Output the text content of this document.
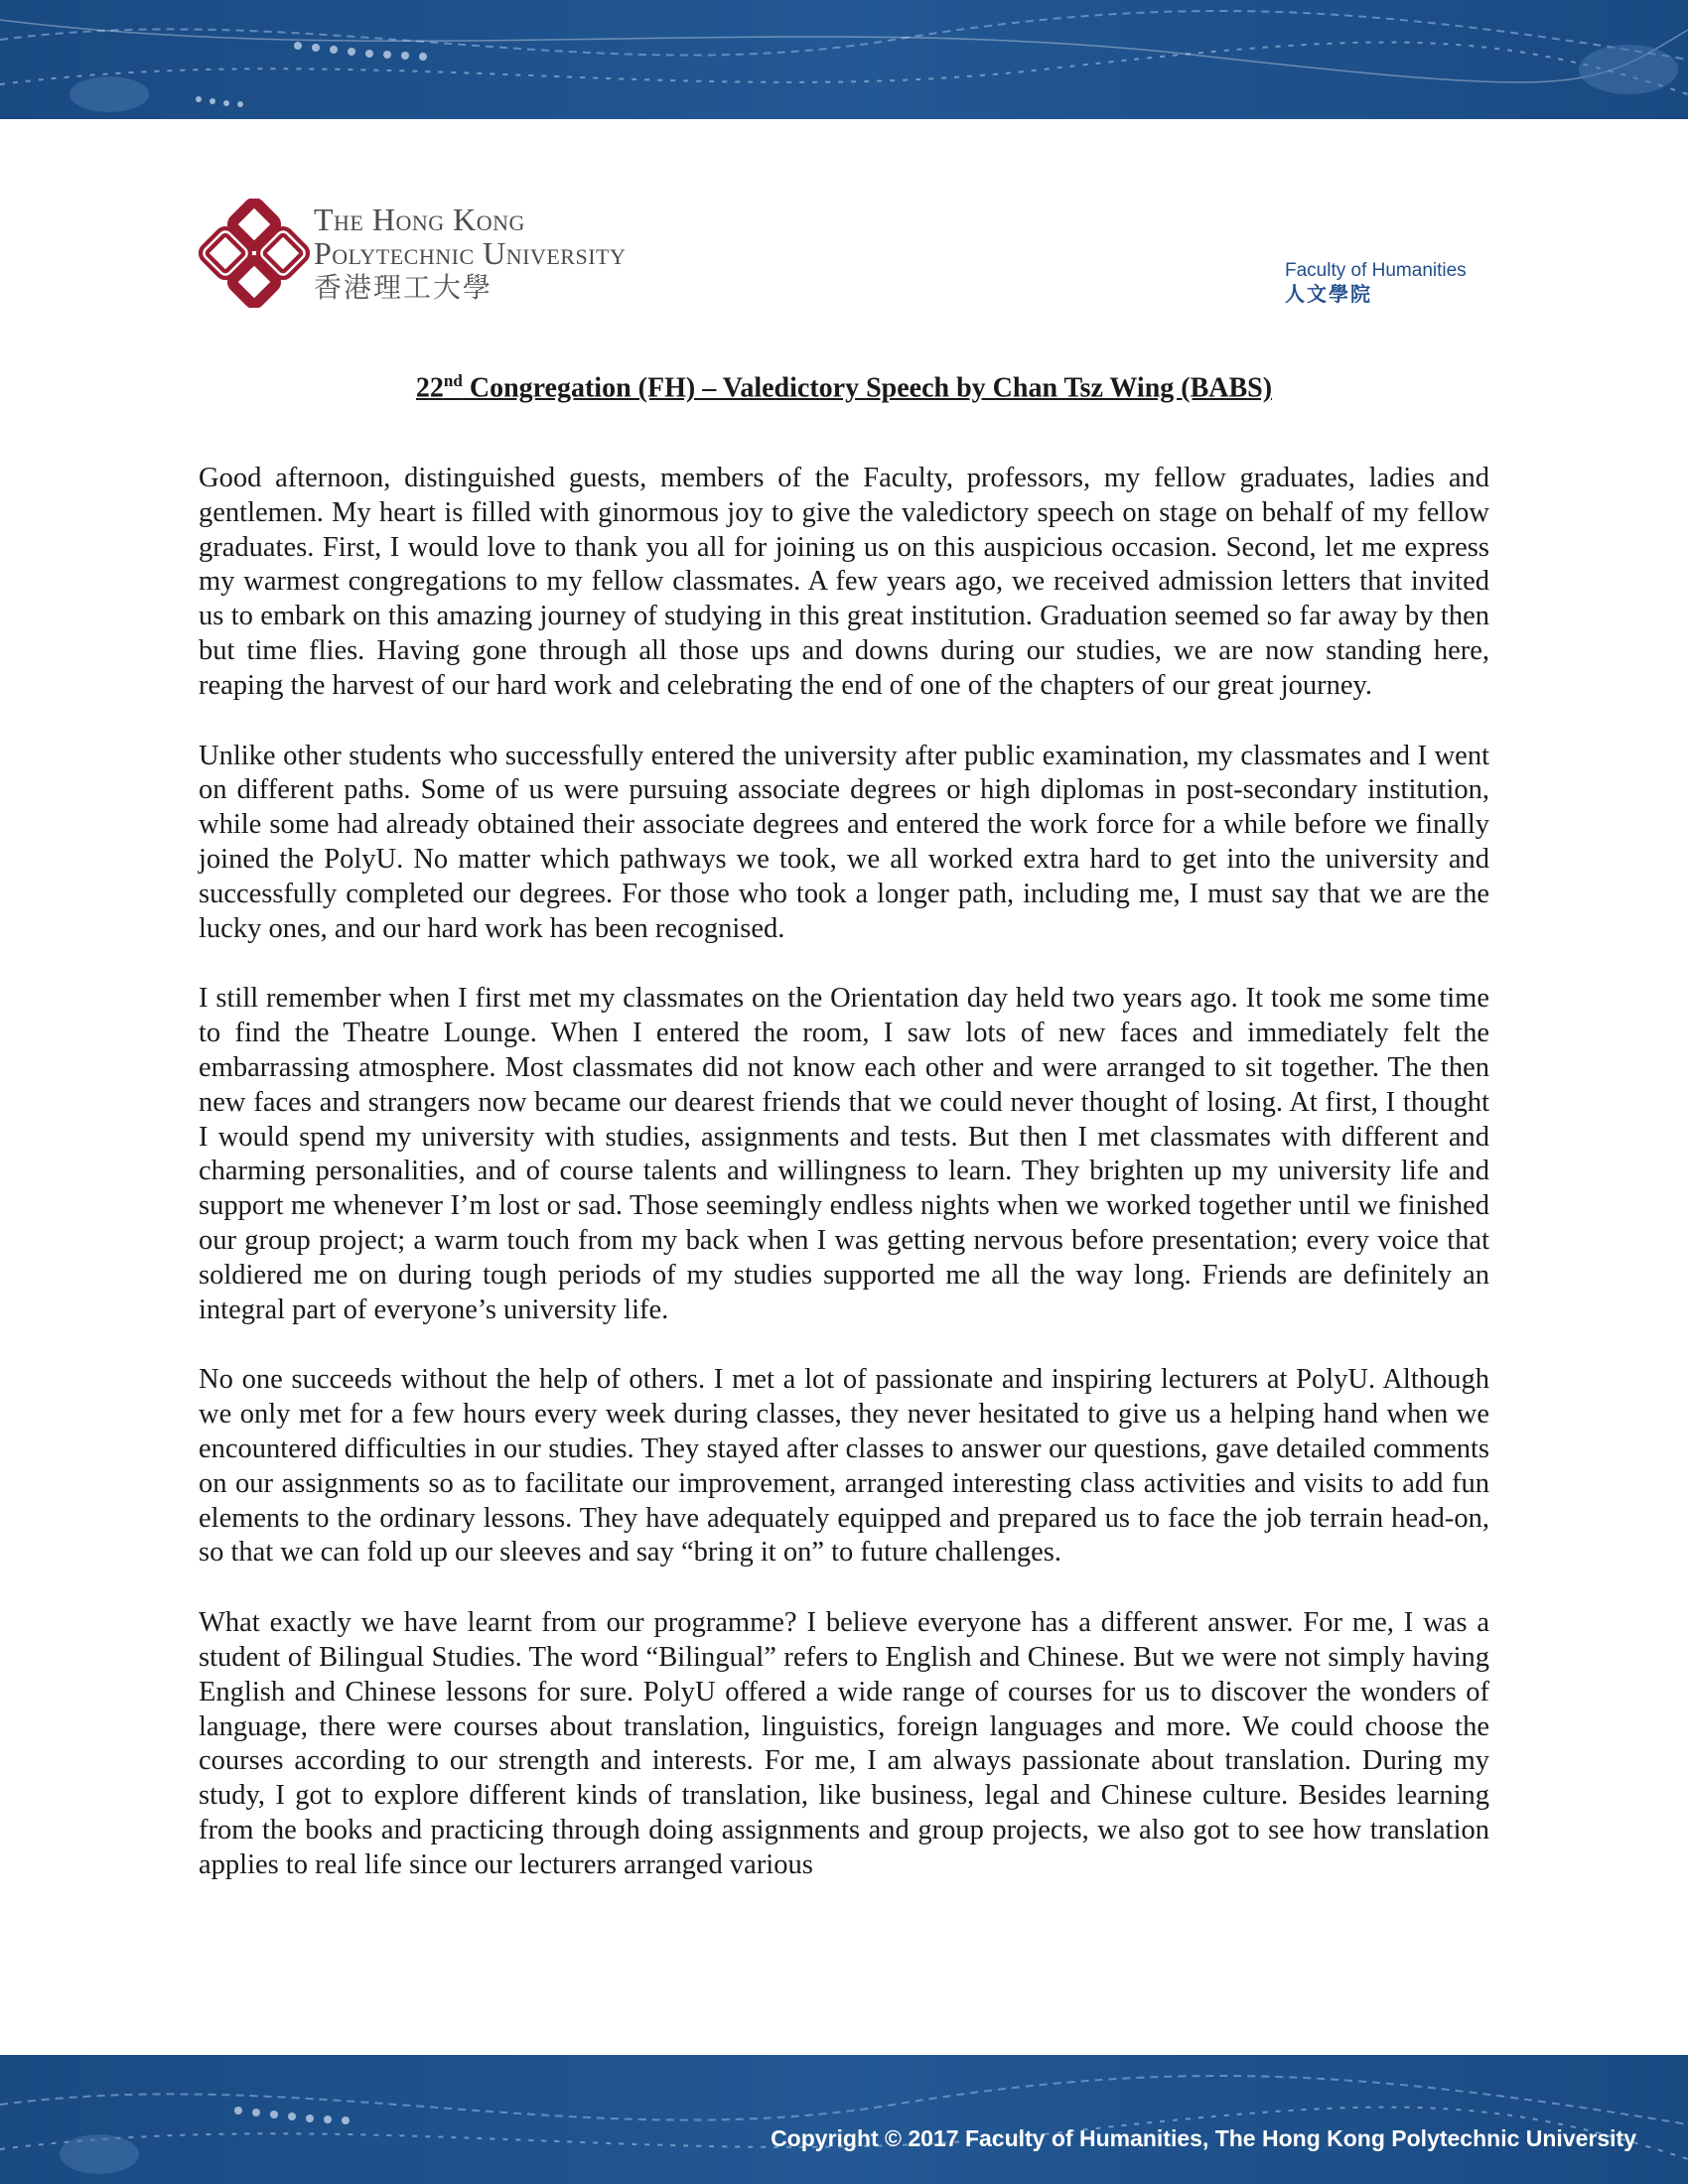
The Hong Kong
Polytechnic University
香港理工大學
Faculty of Humanities
人文學院
22nd Congregation (FH) – Valedictory Speech by Chan Tsz Wing (BABS)

Good afternoon, distinguished guests, members of the Faculty, professors, my fellow graduates, ladies and gentlemen. My heart is filled with ginormous joy to give the valedictory speech on stage on behalf of my fellow graduates. First, I would love to thank you all for joining us on this auspicious occasion. Second, let me express my warmest congregations to my fellow classmates. A few years ago, we received admission letters that invited us to embark on this amazing journey of studying in this great institution. Graduation seemed so far away by then but time flies. Having gone through all those ups and downs during our studies, we are now standing here, reaping the harvest of our hard work and celebrating the end of one of the chapters of our great journey.

Unlike other students who successfully entered the university after public examination, my classmates and I went on different paths. Some of us were pursuing associate degrees or high diplomas in post-secondary institution, while some had already obtained their associate degrees and entered the work force for a while before we finally joined the PolyU. No matter which pathways we took, we all worked extra hard to get into the university and successfully completed our degrees. For those who took a longer path, including me, I must say that we are the lucky ones, and our hard work has been recognised.

I still remember when I first met my classmates on the Orientation day held two years ago. It took me some time to find the Theatre Lounge. When I entered the room, I saw lots of new faces and immediately felt the embarrassing atmosphere. Most classmates did not know each other and were arranged to sit together. The then new faces and strangers now became our dearest friends that we could never thought of losing. At first, I thought I would spend my university with studies, assignments and tests. But then I met classmates with different and charming personalities, and of course talents and willingness to learn. They brighten up my university life and support me whenever I’m lost or sad. Those seemingly endless nights when we worked together until we finished our group project; a warm touch from my back when I was getting nervous before presentation; every voice that soldiered me on during tough periods of my studies supported me all the way long. Friends are definitely an integral part of everyone’s university life.

No one succeeds without the help of others. I met a lot of passionate and inspiring lecturers at PolyU. Although we only met for a few hours every week during classes, they never hesitated to give us a helping hand when we encountered difficulties in our studies. They stayed after classes to answer our questions, gave detailed comments on our assignments so as to facilitate our improvement, arranged interesting class activities and visits to add fun elements to the ordinary lessons. They have adequately equipped and prepared us to face the job terrain head-on, so that we can fold up our sleeves and say “bring it on” to future challenges.

What exactly we have learnt from our programme? I believe everyone has a different answer. For me, I was a student of Bilingual Studies. The word “Bilingual” refers to English and Chinese. But we were not simply having English and Chinese lessons for sure. PolyU offered a wide range of courses for us to discover the wonders of language, there were courses about translation, linguistics, foreign languages and more. We could choose the courses according to our strength and interests. For me, I am always passionate about translation. During my study, I got to explore different kinds of translation, like business, legal and Chinese culture. Besides learning from the books and practicing through doing assignments and group projects, we also got to see how translation applies to real life since our lecturers arranged various

Copyright © 2017 Faculty of Humanities, The Hong Kong Polytechnic University
